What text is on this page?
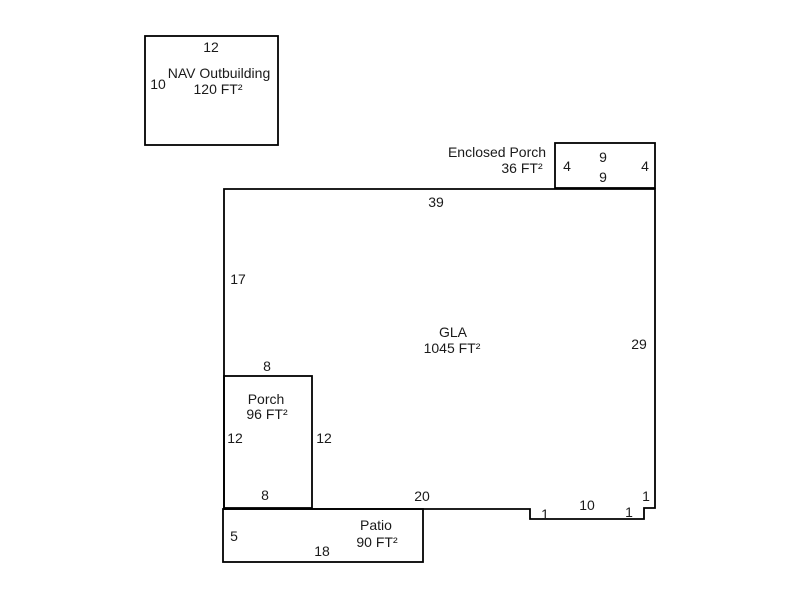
12
10
NAV Outbuilding
120 FT²
Enclosed Porch
36 FT² 4
9
9
4
39
17
29
GLA
1045 FT²
20
1
10 1
1
8
Porch
96 FT²
12	12
8
5
Patio
90 FT²
18
